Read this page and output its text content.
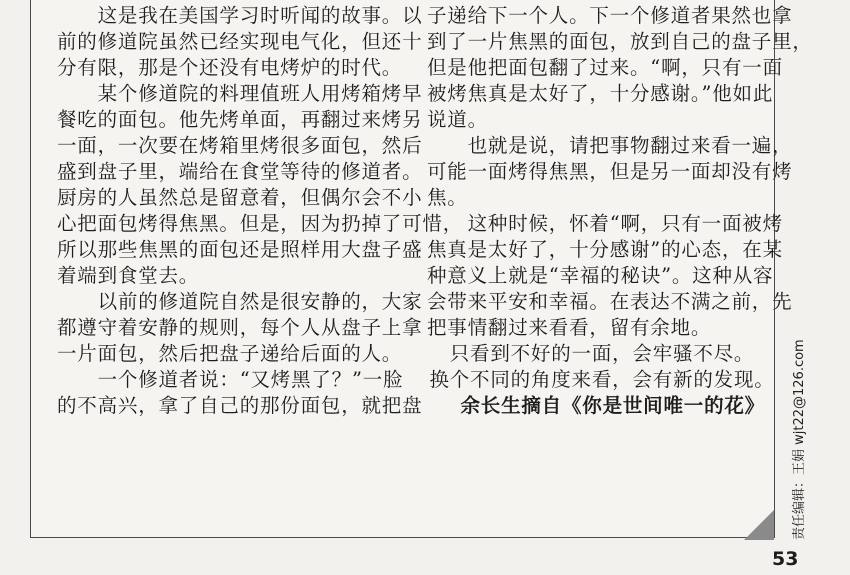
　　这是我在美国学习时听闻的故事。以
前的修道院虽然已经实现电气化，但还十
分有限，那是个还没有电烤炉的时代。
　　某个修道院的料理值班人用烤箱烤早
餐吃的面包。他先烤单面，再翻过来烤另
一面，一次要在烤箱里烤很多面包，然后
盛到盘子里，端给在食堂等待的修道者。
厨房的人虽然总是留意着，但偶尔会不小
心把面包烤得焦黑。但是，因为扔掉了可惜，
所以那些焦黑的面包还是照样用大盘子盛
着端到食堂去。
　　以前的修道院自然是很安静的，大家
都遵守着安静的规则，每个人从盘子上拿
一片面包，然后把盘子递给后面的人。
　　一个修道者说：“又烤黑了？”一脸
的不高兴，拿了自己的那份面包，就把盘
子递给下一个人。下一个修道者果然也拿
到了一片焦黑的面包，放到自己的盘子里，
但是他把面包翻了过来。“啊，只有一面
被烤焦真是太好了，十分感谢。”他如此
说道。
　　也就是说，请把事物翻过来看一遍，
可能一面烤得焦黑，但是另一面却没有烤
焦。
　　这种时候，怀着“啊，只有一面被烤
焦真是太好了，十分感谢”的心态，在某
种意义上就是“幸福的秘诀”。这种从容
会带来平安和幸福。在表达不满之前，先
把事情翻过来看看，留有余地。
只看到不好的一面，会牢骚不尽。
换个不同的角度来看，会有新的发现。
余长生摘自《你是世间唯一的花》	责任编辑：王娟 wjt22@126.com
53
